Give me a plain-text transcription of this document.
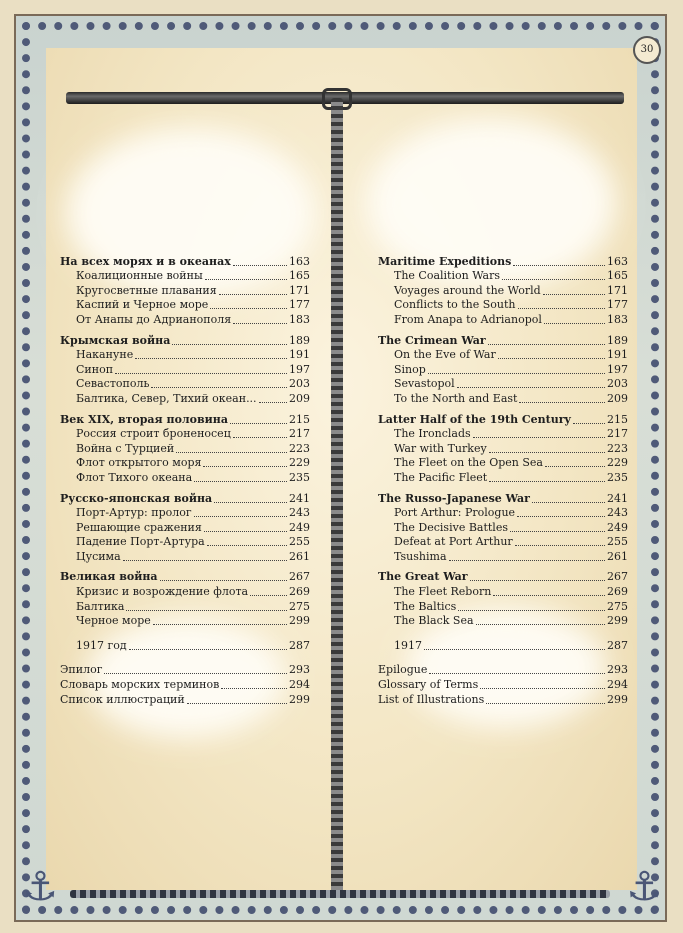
⚓	⚓
30
На всех морях и в океанах	163
Коалиционные войны	165
Кругосветные плавания	171
Каспий и Черное море	177
От Анапы до Адрианополя	183
Крымская война	189
Накануне	191
Синоп	197
Севастополь	203
Балтика, Север, Тихий океан...	209
Век XIX, вторая половина	215
Россия строит броненосец	217
Война с Турцией	223
Флот открытого моря	229
Флот Тихого океана	235
Русско-японская война	241
Порт-Артур: пролог	243
Решающие сражения	249
Падение Порт-Артура	255
Цусима	261
Великая война	267
Кризис и возрождение флота	269
Балтика	275
Черное море	299
1917 год	287
Эпилог	293
Словарь морских терминов	294
Список иллюстраций	299
Maritime Expeditions	163
The Coalition Wars	165
Voyages around the World	171
Conflicts to the South	177
From Anapa to Adrianopol	183
The Crimean War	189
On the Eve of War	191
Sinop	197
Sevastopol	203
To the North and East	209
Latter Half of the 19th Century	215
The Ironclads	217
War with Turkey	223
The Fleet on the Open Sea	229
The Pacific Fleet	235
The Russo-Japanese War	241
Port Arthur: Prologue	243
The Decisive Battles	249
Defeat at Port Arthur	255
Tsushima	261
The Great War	267
The Fleet Reborn	269
The Baltics	275
The Black Sea	299
1917	287
Epilogue	293
Glossary of Terms	294
List of Illustrations	299
